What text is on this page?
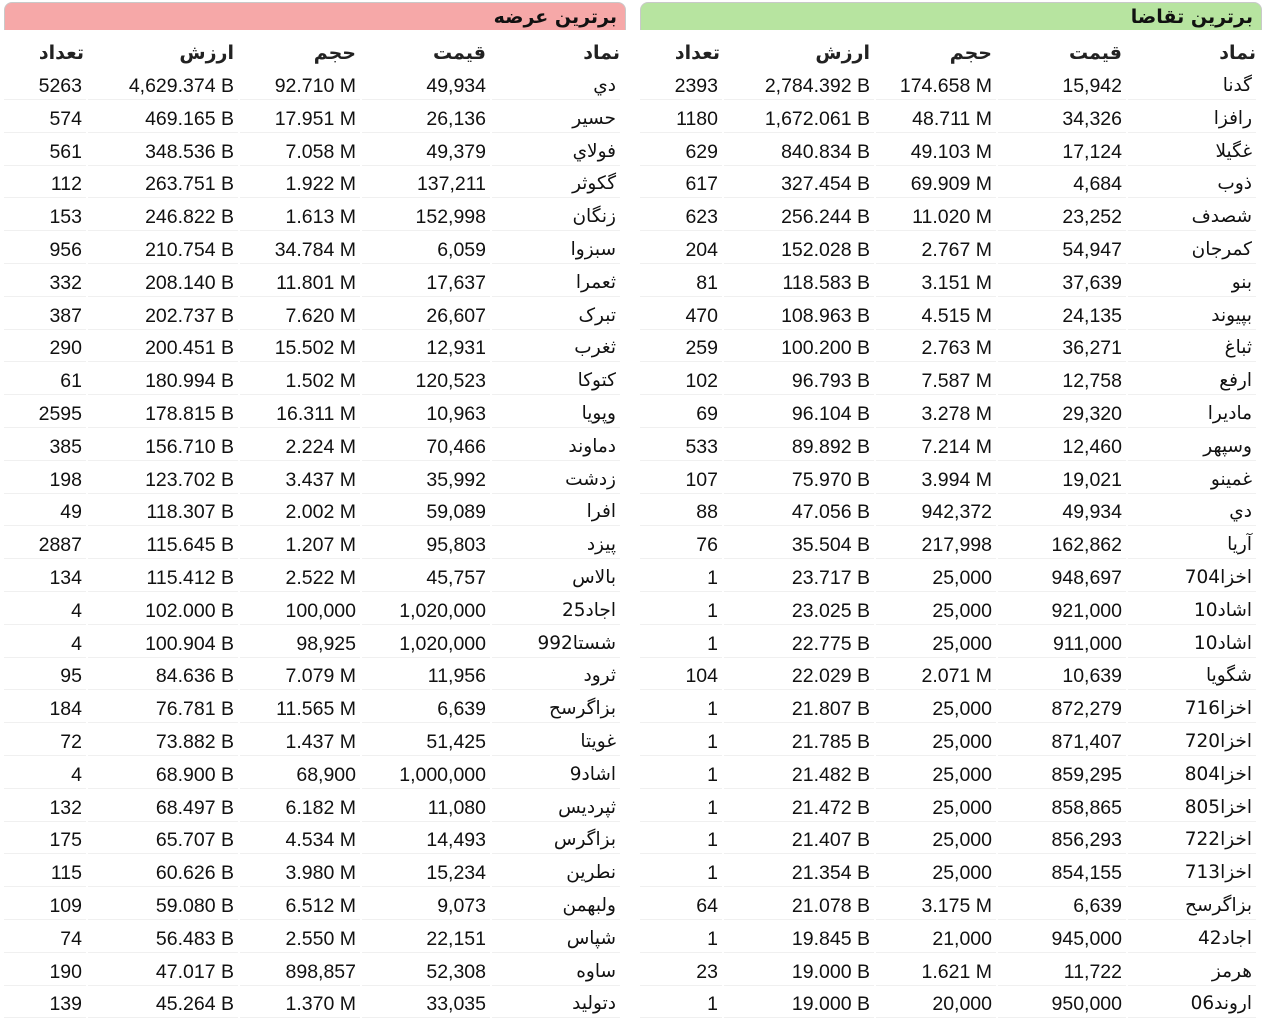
برترین عرضه
نماد
قیمت
حجم
ارزش
تعداد
دي
49,934
92.710 M
4,629.374 B
5263
حسير
26,136
17.951 M
469.165 B
574
فولاي
49,379
7.058 M
348.536 B
561
گكوثر
137,211
1.922 M
263.751 B
112
زنگان
152,998
1.613 M
246.822 B
153
سبزوا
6,059
34.784 M
210.754 B
956
ثعمرا
17,637
11.801 M
208.140 B
332
تبرک
26,607
7.620 M
202.737 B
387
ثغرب
12,931
15.502 M
200.451 B
290
کتوکا
120,523
1.502 M
180.994 B
61
وپويا
10,963
16.311 M
178.815 B
2595
دماوند
70,466
2.224 M
156.710 B
385
زدشت
35,992
3.437 M
123.702 B
198
افرا
59,089
2.002 M
118.307 B
49
پيزد
95,803
1.207 M
115.645 B
2887
بالاس
45,757
2.522 M
115.412 B
134
اجاد25
1,020,000
100,000
102.000 B
4
شستا992
1,020,000
98,925
100.904 B
4
ثرود
11,956
7.079 M
84.636 B
95
بزاگرسح
6,639
11.565 M
76.781 B
184
غويتا
51,425
1.437 M
73.882 B
72
اشاد9
1,000,000
68,900
68.900 B
4
ثپرديس
11,080
6.182 M
68.497 B
132
بزاگرس
14,493
4.534 M
65.707 B
175
نطرين
15,234
3.980 M
60.626 B
115
ولبهمن
9,073
6.512 M
59.080 B
109
شپاس
22,151
2.550 M
56.483 B
74
ساوه
52,308
898,857
47.017 B
190
دتوليد
33,035
1.370 M
45.264 B
139
برترین تقاضا
نماد
قیمت
حجم
ارزش
تعداد
گدنا
15,942
174.658 M
2,784.392 B
2393
رافزا
34,326
48.711 M
1,672.061 B
1180
غگيلا
17,124
49.103 M
840.834 B
629
ذوب
4,684
69.909 M
327.454 B
617
شصدف
23,252
11.020 M
256.244 B
623
کمرجان
54,947
2.767 M
152.028 B
204
بنو
37,639
3.151 M
118.583 B
81
بپيوند
24,135
4.515 M
108.963 B
470
ثباغ
36,271
2.763 M
100.200 B
259
ارفع
12,758
7.587 M
96.793 B
102
مادیرا
29,320
3.278 M
96.104 B
69
وسپهر
12,460
7.214 M
89.892 B
533
غمينو
19,021
3.994 M
75.970 B
107
دي
49,934
942,372
47.056 B
88
آريا
162,862
217,998
35.504 B
76
اخزا704
948,697
25,000
23.717 B
1
اشاد10
921,000
25,000
23.025 B
1
اشاد10
911,000
25,000
22.775 B
1
شگويا
10,639
2.071 M
22.029 B
104
اخزا716
872,279
25,000
21.807 B
1
اخزا720
871,407
25,000
21.785 B
1
اخزا804
859,295
25,000
21.482 B
1
اخزا805
858,865
25,000
21.472 B
1
اخزا722
856,293
25,000
21.407 B
1
اخزا713
854,155
25,000
21.354 B
1
بزاگرسح
6,639
3.175 M
21.078 B
64
اجاد42
945,000
21,000
19.845 B
1
هرمز
11,722
1.621 M
19.000 B
23
اروند06
950,000
20,000
19.000 B
1
